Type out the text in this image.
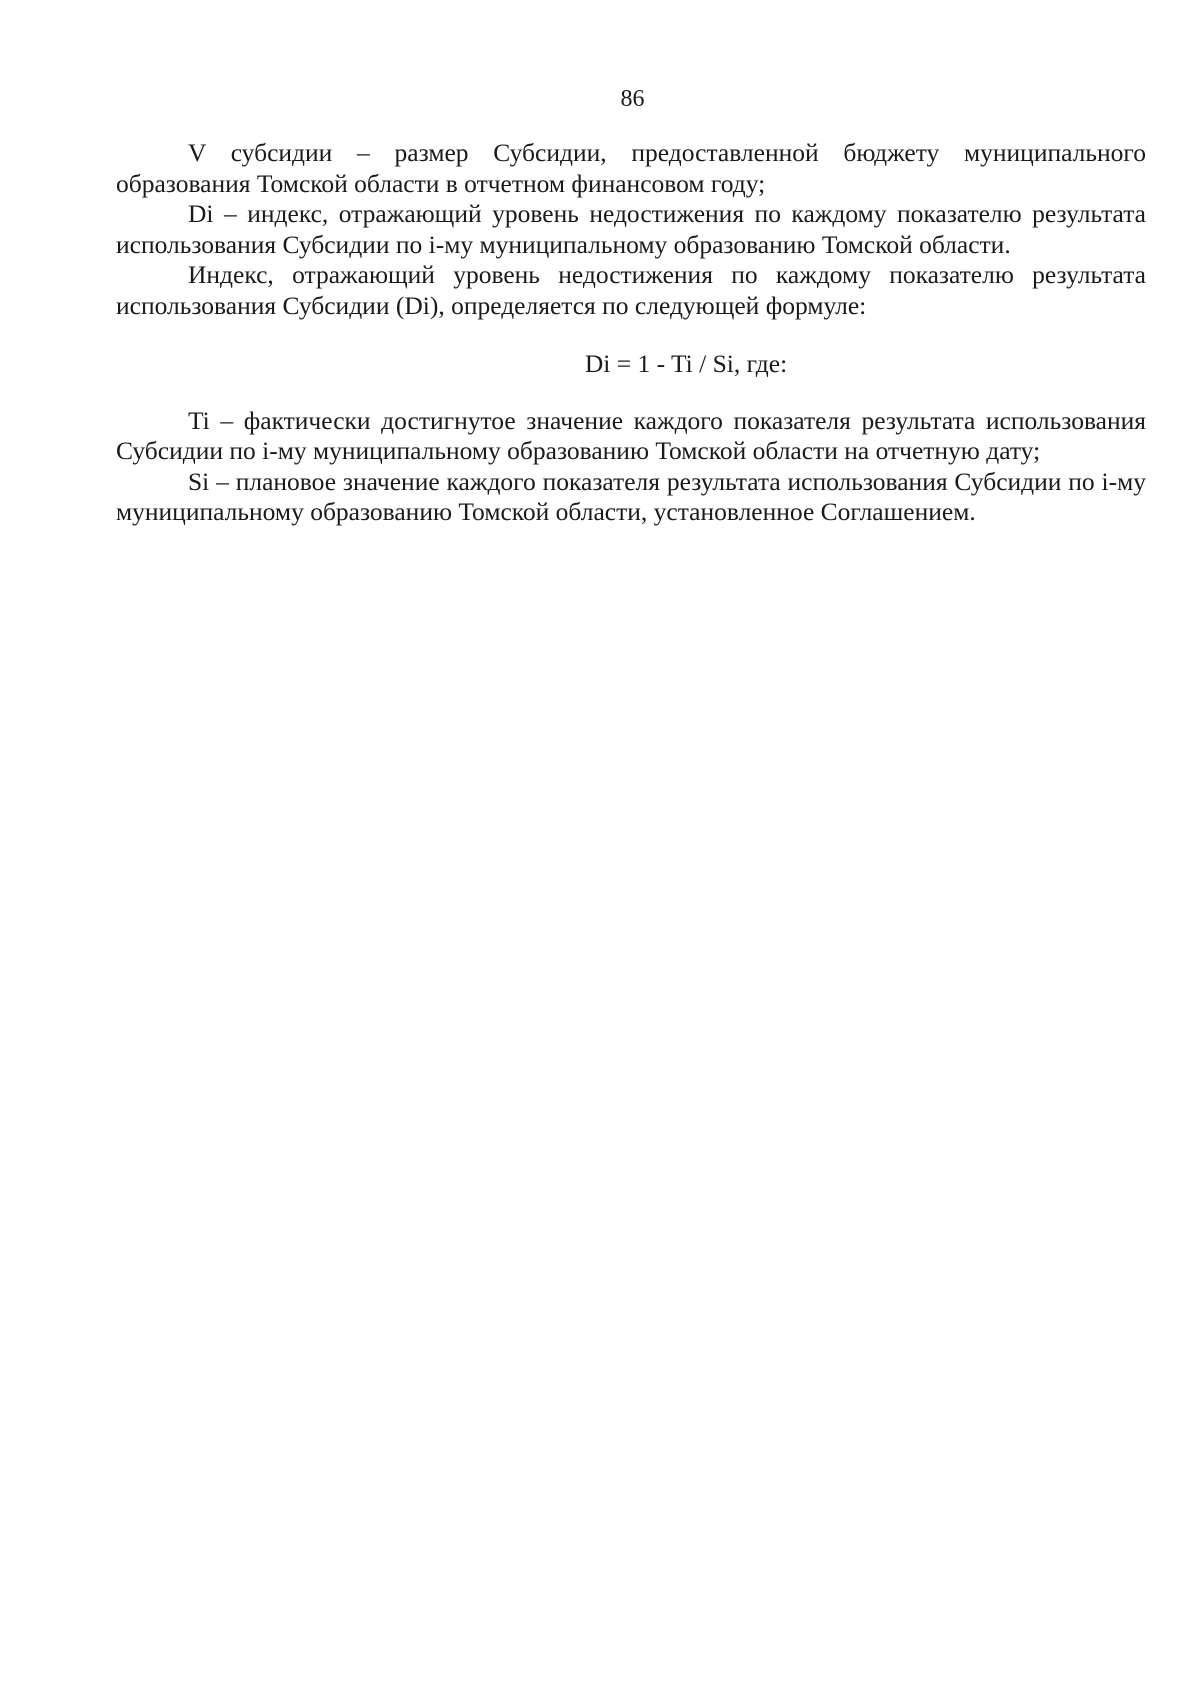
86

V субсидии – размер Субсидии, предоставленной бюджету муниципального образования Томской области в отчетном финансовом году;

Di – индекс, отражающий уровень недостижения по каждому показателю результата использования Субсидии по i-му муниципальному образованию Томской области.

Индекс, отражающий уровень недостижения по каждому показателю результата использования Субсидии (Di), определяется по следующей формуле:

Di = 1 - Ti / Si, где:

Ti – фактически достигнутое значение каждого показателя результата использования Субсидии по i-му муниципальному образованию Томской области на отчетную дату;

Si – плановое значение каждого показателя результата использования Субсидии по i-му муниципальному образованию Томской области, установленное Соглашением.
